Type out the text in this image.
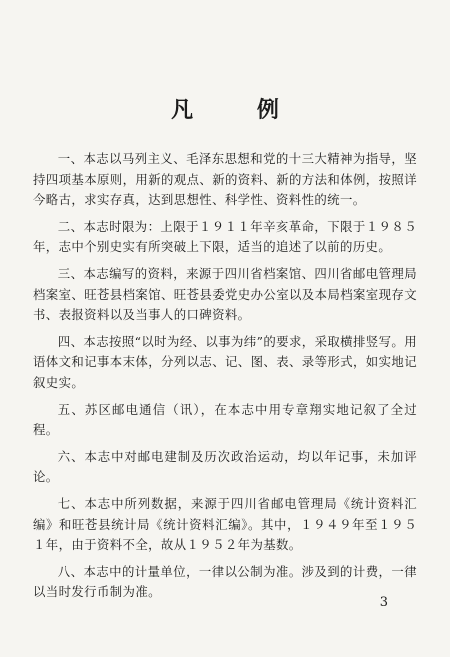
凡 例

一、本志以马列主义、毛泽东思想和党的十三大精神为指导，坚持四项基本原则，用新的观点、新的资料、新的方法和体例，按照详今略古，求实存真，达到思想性、科学性、资料性的统一。

二、本志时限为：上限于１９１１年辛亥革命，下限于１９８５年，志中个别史实有所突破上下限，适当的追述了以前的历史。

三、本志编写的资料，来源于四川省档案馆、四川省邮电管理局档案室、旺苍县档案馆、旺苍县委党史办公室以及本局档案室现存文书、表报资料以及当事人的口碑资料。

四、本志按照“以时为经、以事为纬”的要求，采取横排竖写。用语体文和记事本末体，分列以志、记、图、表、录等形式，如实地记叙史实。

五、苏区邮电通信（讯），在本志中用专章翔实地记叙了全过程。

六、本志中对邮电建制及历次政治运动，均以年记事，未加评论。

七、本志中所列数据，来源于四川省邮电管理局《统计资料汇编》和旺苍县统计局《统计资料汇编》。其中，１９４９年至１９５１年，由于资料不全，故从１９５２年为基数。

八、本志中的计量单位，一律以公制为准。涉及到的计费，一律以当时发行币制为准。

3
